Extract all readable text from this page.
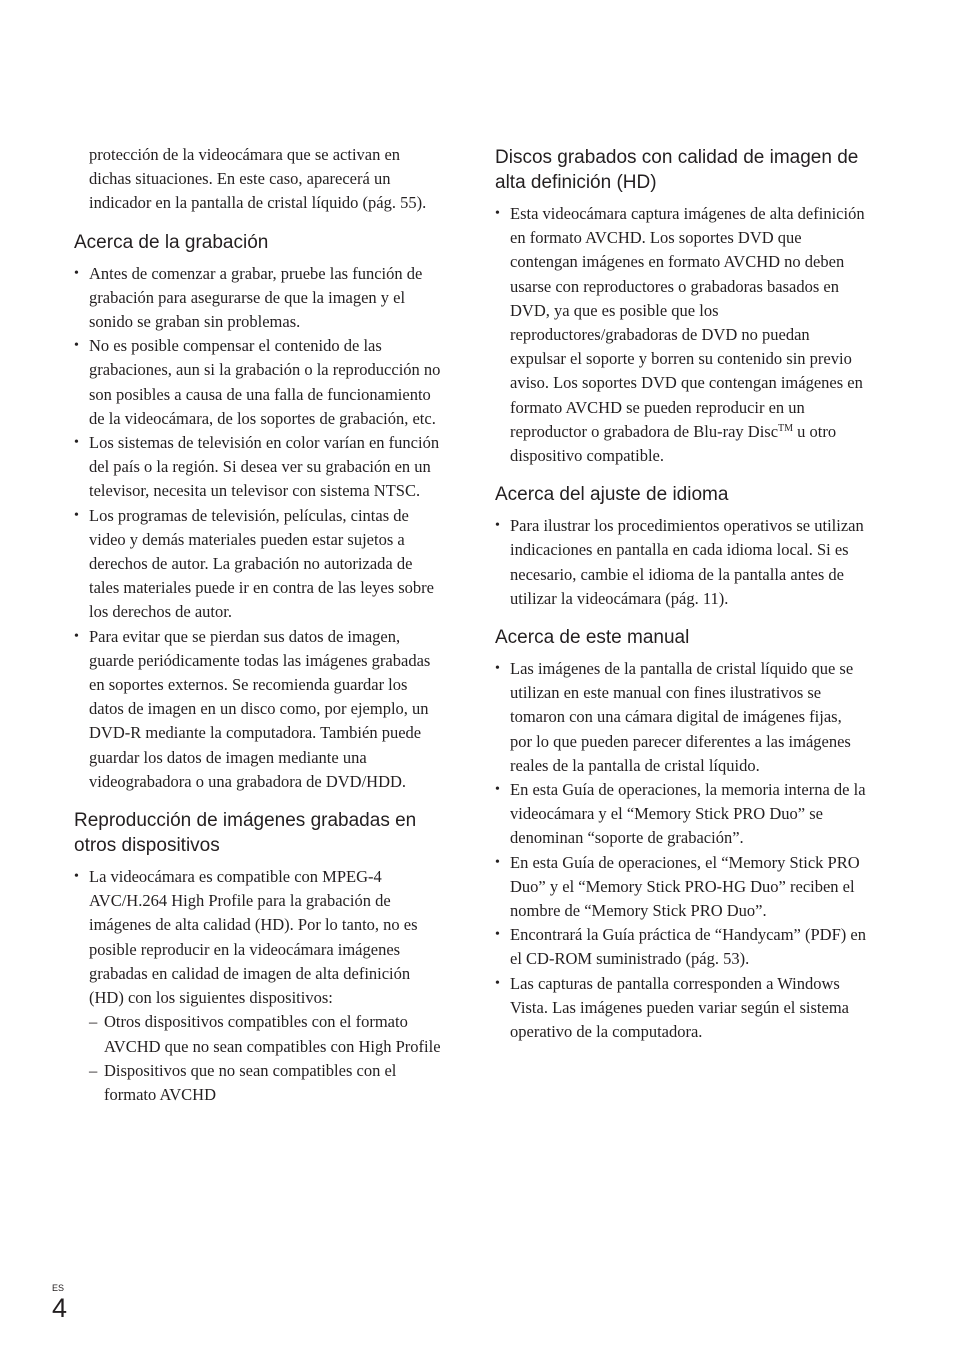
protección de la videocámara que se activan en dichas situaciones. En este caso, aparecerá un indicador en la pantalla de cristal líquido (pág. 55).

Acerca de la grabación
• Antes de comenzar a grabar, pruebe las función de grabación para asegurarse de que la imagen y el sonido se graban sin problemas.
• No es posible compensar el contenido de las grabaciones, aun si la grabación o la reproducción no son posibles a causa de una falla de funcionamiento de la videocámara, de los soportes de grabación, etc.
• Los sistemas de televisión en color varían en función del país o la región. Si desea ver su grabación en un televisor, necesita un televisor con sistema NTSC.
• Los programas de televisión, películas, cintas de video y demás materiales pueden estar sujetos a derechos de autor. La grabación no autorizada de tales materiales puede ir en contra de las leyes sobre los derechos de autor.
• Para evitar que se pierdan sus datos de imagen, guarde periódicamente todas las imágenes grabadas en soportes externos. Se recomienda guardar los datos de imagen en un disco como, por ejemplo, un DVD-R mediante la computadora. También puede guardar los datos de imagen mediante una videograbadora o una grabadora de DVD/HDD.
Reproducción de imágenes grabadas en otros dispositivos
• La videocámara es compatible con MPEG-4 AVC/H.264 High Profile para la grabación de imágenes de alta calidad (HD). Por lo tanto, no es posible reproducir en la videocámara imágenes grabadas en calidad de imagen de alta definición (HD) con los siguientes dispositivos:
– Otros dispositivos compatibles con el formato AVCHD que no sean compatibles con High Profile
– Dispositivos que no sean compatibles con el formato AVCHD
Discos grabados con calidad de imagen de alta definición (HD)
• Esta videocámara captura imágenes de alta definición en formato AVCHD. Los soportes DVD que contengan imágenes en formato AVCHD no deben usarse con reproductores o grabadoras basados en DVD, ya que es posible que los reproductores/grabadoras de DVD no puedan expulsar el soporte y borren su contenido sin previo aviso. Los soportes DVD que contengan imágenes en formato AVCHD se pueden reproducir en un reproductor o grabadora de Blu-ray Disc™ u otro dispositivo compatible.
Acerca del ajuste de idioma
• Para ilustrar los procedimientos operativos se utilizan indicaciones en pantalla en cada idioma local. Si es necesario, cambie el idioma de la pantalla antes de utilizar la videocámara (pág. 11).
Acerca de este manual
• Las imágenes de la pantalla de cristal líquido que se utilizan en este manual con fines ilustrativos se tomaron con una cámara digital de imágenes fijas, por lo que pueden parecer diferentes a las imágenes reales de la pantalla de cristal líquido.
• En esta Guía de operaciones, la memoria interna de la videocámara y el “Memory Stick PRO Duo” se denominan “soporte de grabación”.
• En esta Guía de operaciones, el “Memory Stick PRO Duo” y el “Memory Stick PRO-HG Duo” reciben el nombre de “Memory Stick PRO Duo”.
• Encontrará la Guía práctica de “Handycam” (PDF) en el CD-ROM suministrado (pág. 53).
• Las capturas de pantalla corresponden a Windows Vista. Las imágenes pueden variar según el sistema operativo de la computadora.
ES
4
